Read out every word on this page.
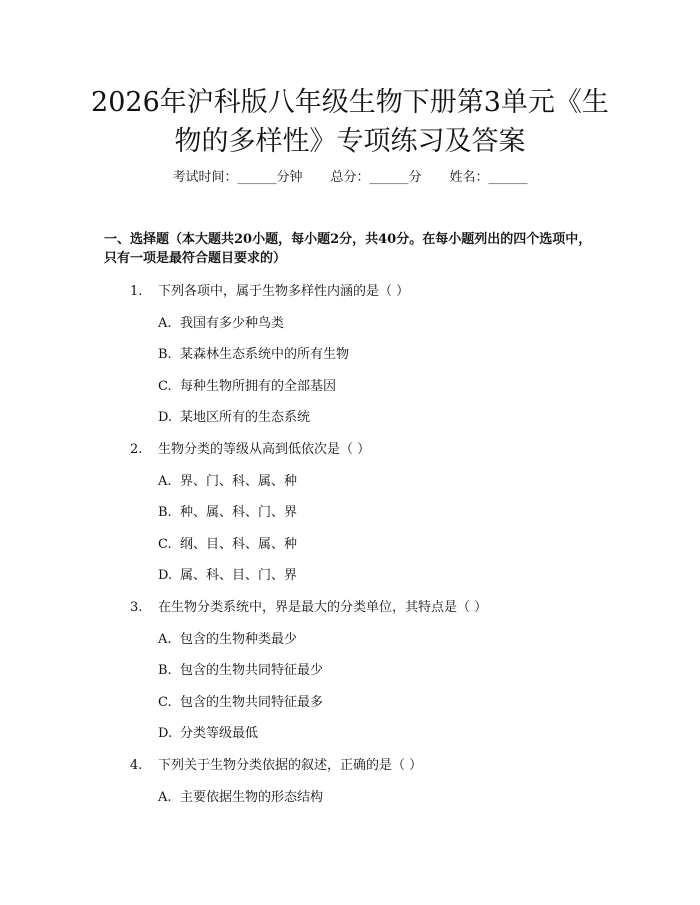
2026年沪科版八年级生物下册第3单元《生物的多样性》专项练习及答案
考试时间：______分钟 总分：______分 姓名：______

一、选择题（本大题共20小题，每小题2分，共40分。在每小题列出的四个选项中，只有一项是最符合题目要求的）

1. 下列各项中，属于生物多样性内涵的是（ ）
A. 我国有多少种鸟类
B. 某森林生态系统中的所有生物
C. 每种生物所拥有的全部基因
D. 某地区所有的生态系统
2. 生物分类的等级从高到低依次是（ ）
A. 界、门、科、属、种
B. 种、属、科、门、界
C. 纲、目、科、属、种
D. 属、科、目、门、界
3. 在生物分类系统中，界是最大的分类单位，其特点是（ ）
A. 包含的生物种类最少
B. 包含的生物共同特征最少
C. 包含的生物共同特征最多
D. 分类等级最低
4. 下列关于生物分类依据的叙述，正确的是（ ）
A. 主要依据生物的形态结构
